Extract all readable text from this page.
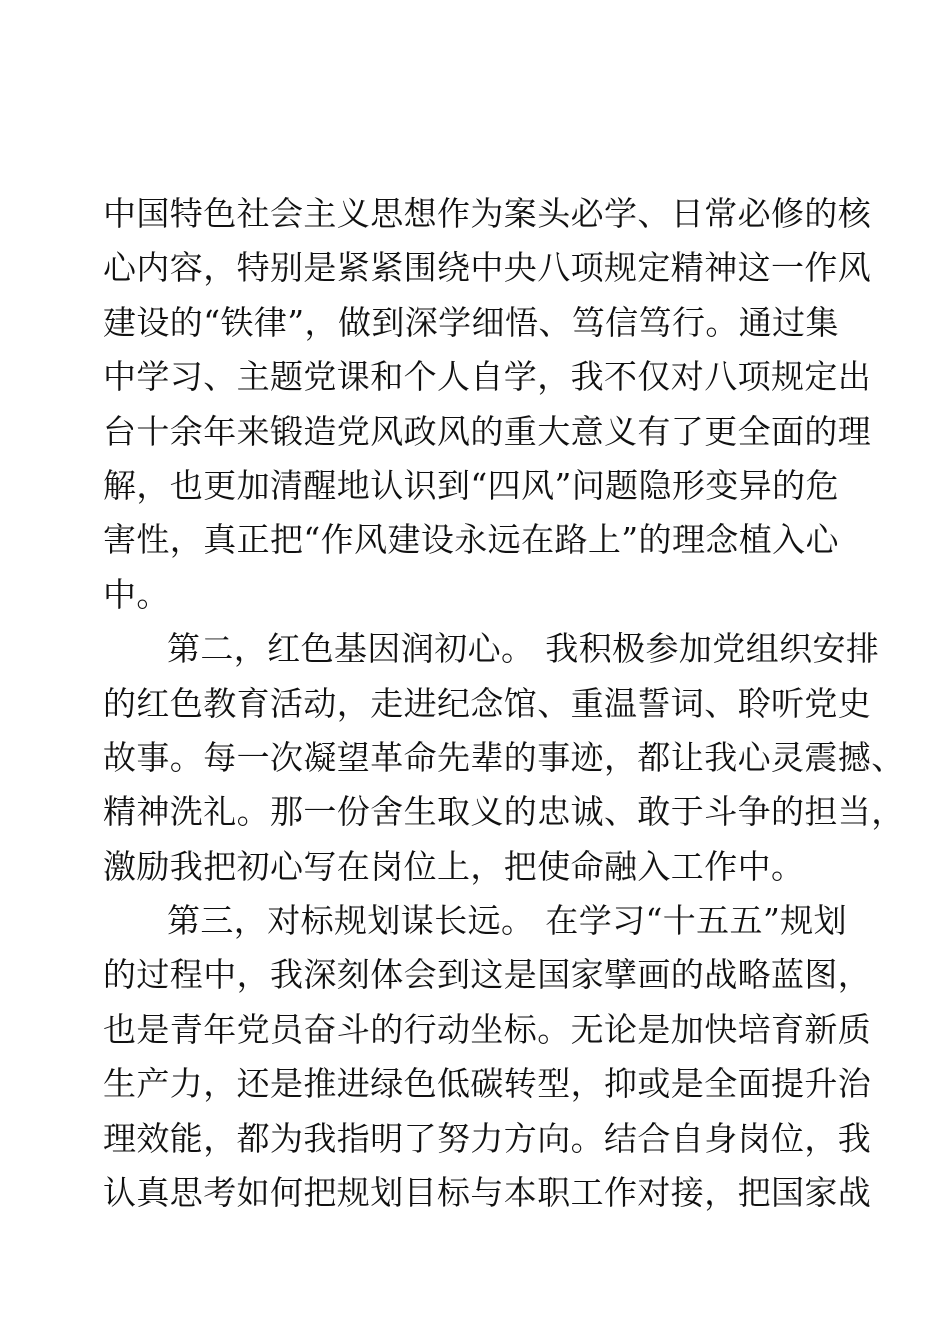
中国特色社会主义思想作为案头必学、日常必修的核
心内容，特别是紧紧围绕中央八项规定精神这一作风
建设的“铁律”，做到深学细悟、笃信笃行。通过集
中学习、主题党课和个人自学，我不仅对八项规定出
台十余年来锻造党风政风的重大意义有了更全面的理
解，也更加清醒地认识到“四风”问题隐形变异的危
害性，真正把“作风建设永远在路上”的理念植入心
中。
第二，红色基因润初心。 我积极参加党组织安排
的红色教育活动，走进纪念馆、重温誓词、聆听党史
故事。每一次凝望革命先辈的事迹，都让我心灵震撼、
精神洗礼。那一份舍生取义的忠诚、敢于斗争的担当，
激励我把初心写在岗位上，把使命融入工作中。
第三，对标规划谋长远。 在学习“十五五”规划
的过程中，我深刻体会到这是国家擘画的战略蓝图，
也是青年党员奋斗的行动坐标。无论是加快培育新质
生产力，还是推进绿色低碳转型，抑或是全面提升治
理效能，都为我指明了努力方向。结合自身岗位，我
认真思考如何把规划目标与本职工作对接，把国家战
